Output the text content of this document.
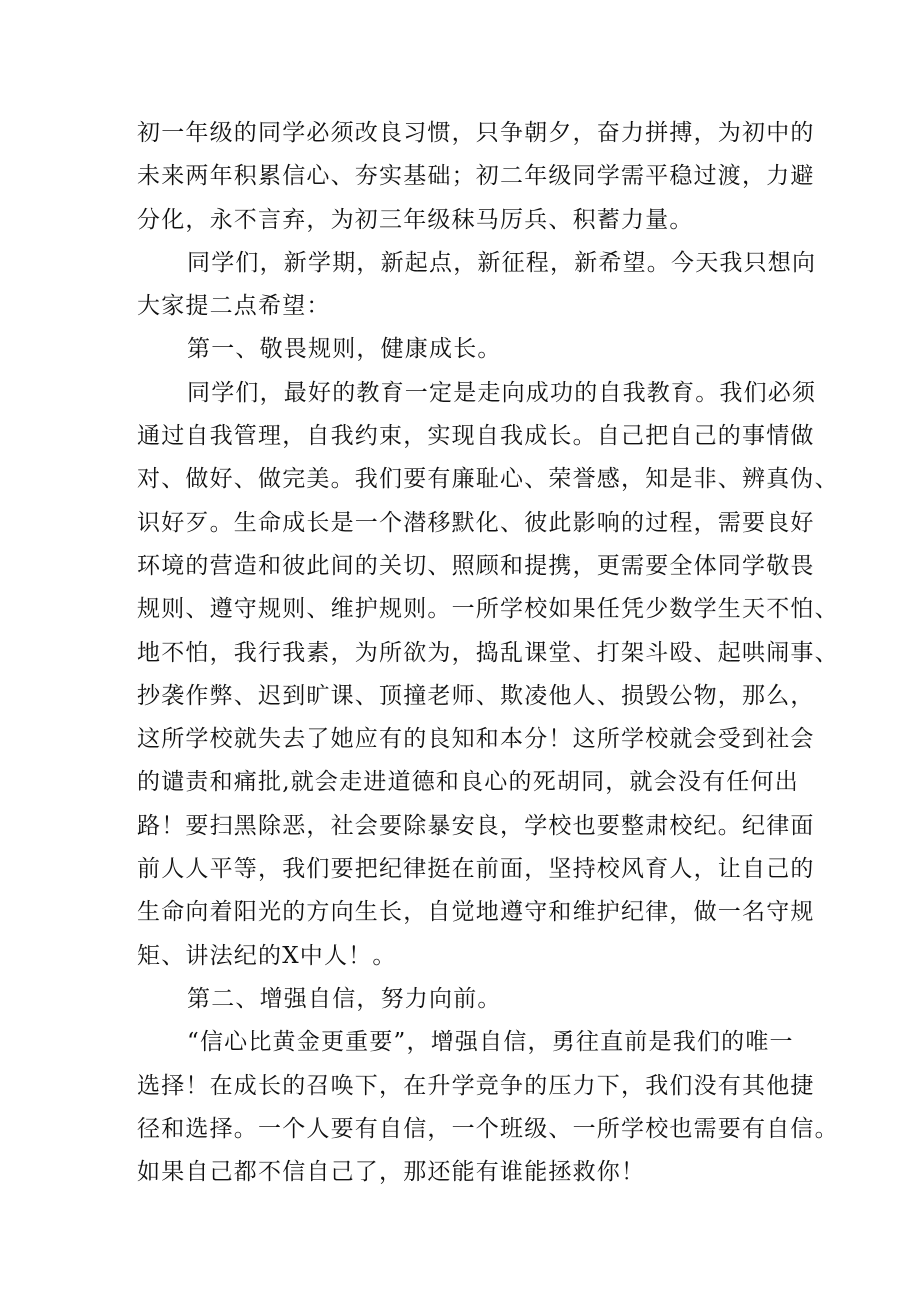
初一年级的同学必须改良习惯，只争朝夕，奋力拼搏，为初中的
未来两年积累信心、夯实基础；初二年级同学需平稳过渡，力避
分化，永不言弃，为初三年级秣马厉兵、积蓄力量。
同学们，新学期，新起点，新征程，新希望。今天我只想向
大家提二点希望：
第一、敬畏规则，健康成长。
同学们，最好的教育一定是走向成功的自我教育。我们必须
通过自我管理，自我约束，实现自我成长。自己把自己的事情做
对、做好、做完美。我们要有廉耻心、荣誉感，知是非、辨真伪、
识好歹。生命成长是一个潜移默化、彼此影响的过程，需要良好
环境的营造和彼此间的关切、照顾和提携，更需要全体同学敬畏
规则、遵守规则、维护规则。一所学校如果任凭少数学生天不怕、
地不怕，我行我素，为所欲为，捣乱课堂、打架斗殴、起哄闹事、
抄袭作弊、迟到旷课、顶撞老师、欺凌他人、损毁公物，那么，
这所学校就失去了她应有的良知和本分！这所学校就会受到社会
的谴责和痛批,就会走进道德和良心的死胡同，就会没有任何出
路！要扫黑除恶，社会要除暴安良，学校也要整肃校纪。纪律面
前人人平等，我们要把纪律挺在前面，坚持校风育人，让自己的
生命向着阳光的方向生长，自觉地遵守和维护纪律，做一名守规
矩、讲法纪的X中人！。
第二、增强自信，努力向前。
“信心比黄金更重要”，增强自信，勇往直前是我们的唯一
选择！在成长的召唤下，在升学竞争的压力下，我们没有其他捷
径和选择。一个人要有自信，一个班级、一所学校也需要有自信。
如果自己都不信自己了，那还能有谁能拯救你！
